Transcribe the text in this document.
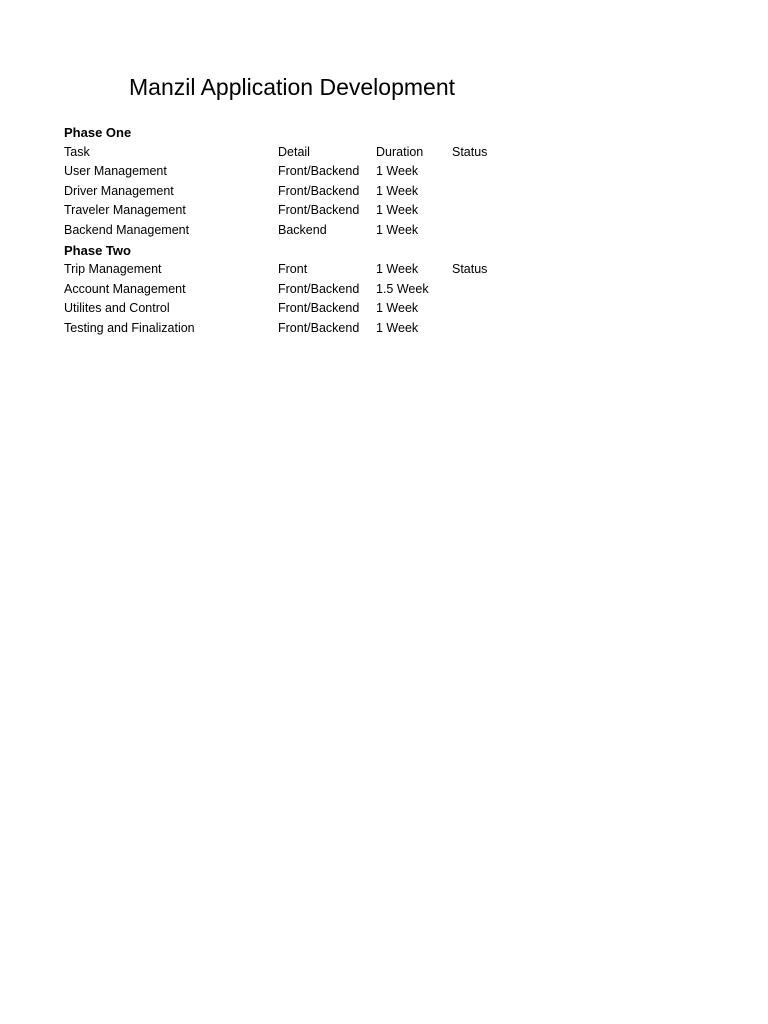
Manzil Application Development
Phase One
Task	Detail	Duration Status
User Management	Front/Backend 1 Week
Driver Management	Front/Backend 1 Week
Traveler Management	Front/Backend 1 Week
Backend Management	Backend	1 Week
Phase Two
Trip Management	Front	1 Week	Status
Account Management	Front/Backend 1.5 Week
Utilites and Control	Front/Backend 1 Week
Testing and Finalization	Front/Backend 1 Week
